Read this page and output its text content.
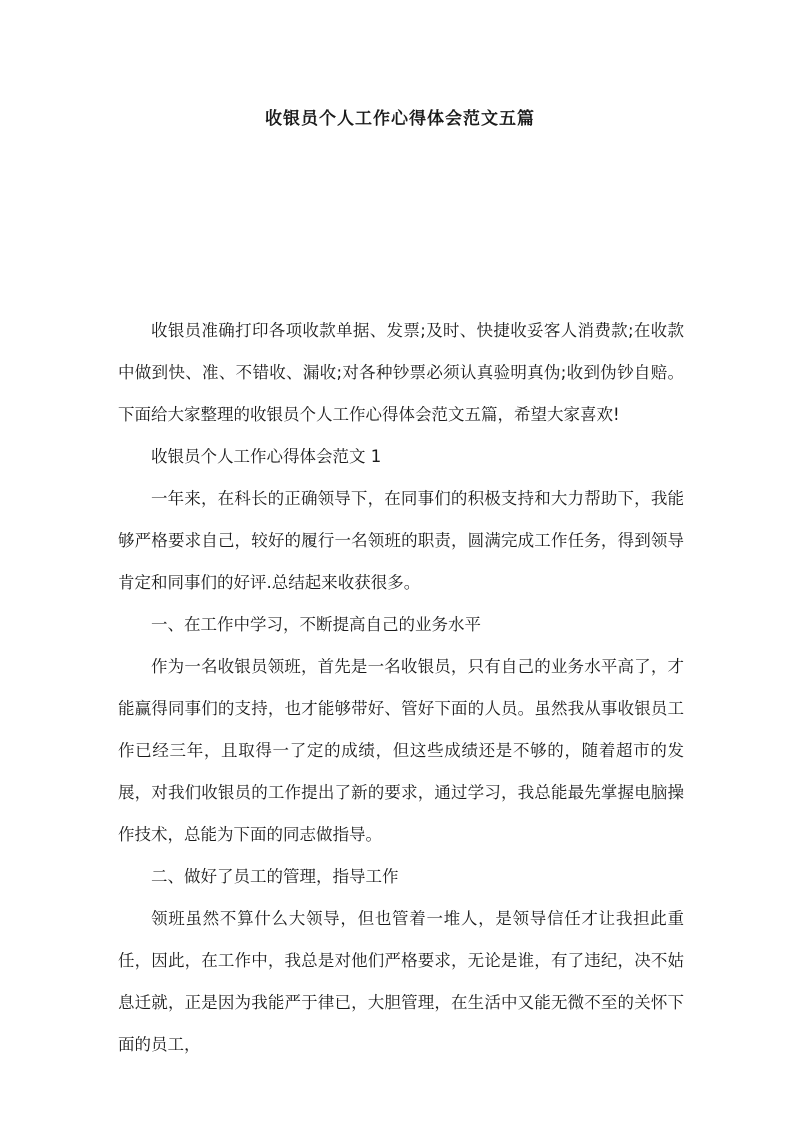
收银员个人工作心得体会范文五篇

收银员准确打印各项收款单据、发票;及时、快捷收妥客人消费款;在收款中做到快、准、不错收、漏收;对各种钞票必须认真验明真伪;收到伪钞自赔。下面给大家整理的收银员个人工作心得体会范文五篇，希望大家喜欢!

收银员个人工作心得体会范文 1

一年来，在科长的正确领导下，在同事们的积极支持和大力帮助下，我能够严格要求自己，较好的履行一名领班的职责，圆满完成工作任务，得到领导肯定和同事们的好评.总结起来收获很多。

一、在工作中学习，不断提高自己的业务水平

作为一名收银员领班，首先是一名收银员，只有自己的业务水平高了，才能赢得同事们的支持，也才能够带好、管好下面的人员。虽然我从事收银员工作已经三年，且取得一了定的成绩，但这些成绩还是不够的，随着超市的发展，对我们收银员的工作提出了新的要求，通过学习，我总能最先掌握电脑操作技术，总能为下面的同志做指导。

二、做好了员工的管理，指导工作

领班虽然不算什么大领导，但也管着一堆人，是领导信任才让我担此重任，因此，在工作中，我总是对他们严格要求，无论是谁，有了违纪，决不姑息迁就，正是因为我能严于律已，大胆管理，在生活中又能无微不至的关怀下面的员工，
